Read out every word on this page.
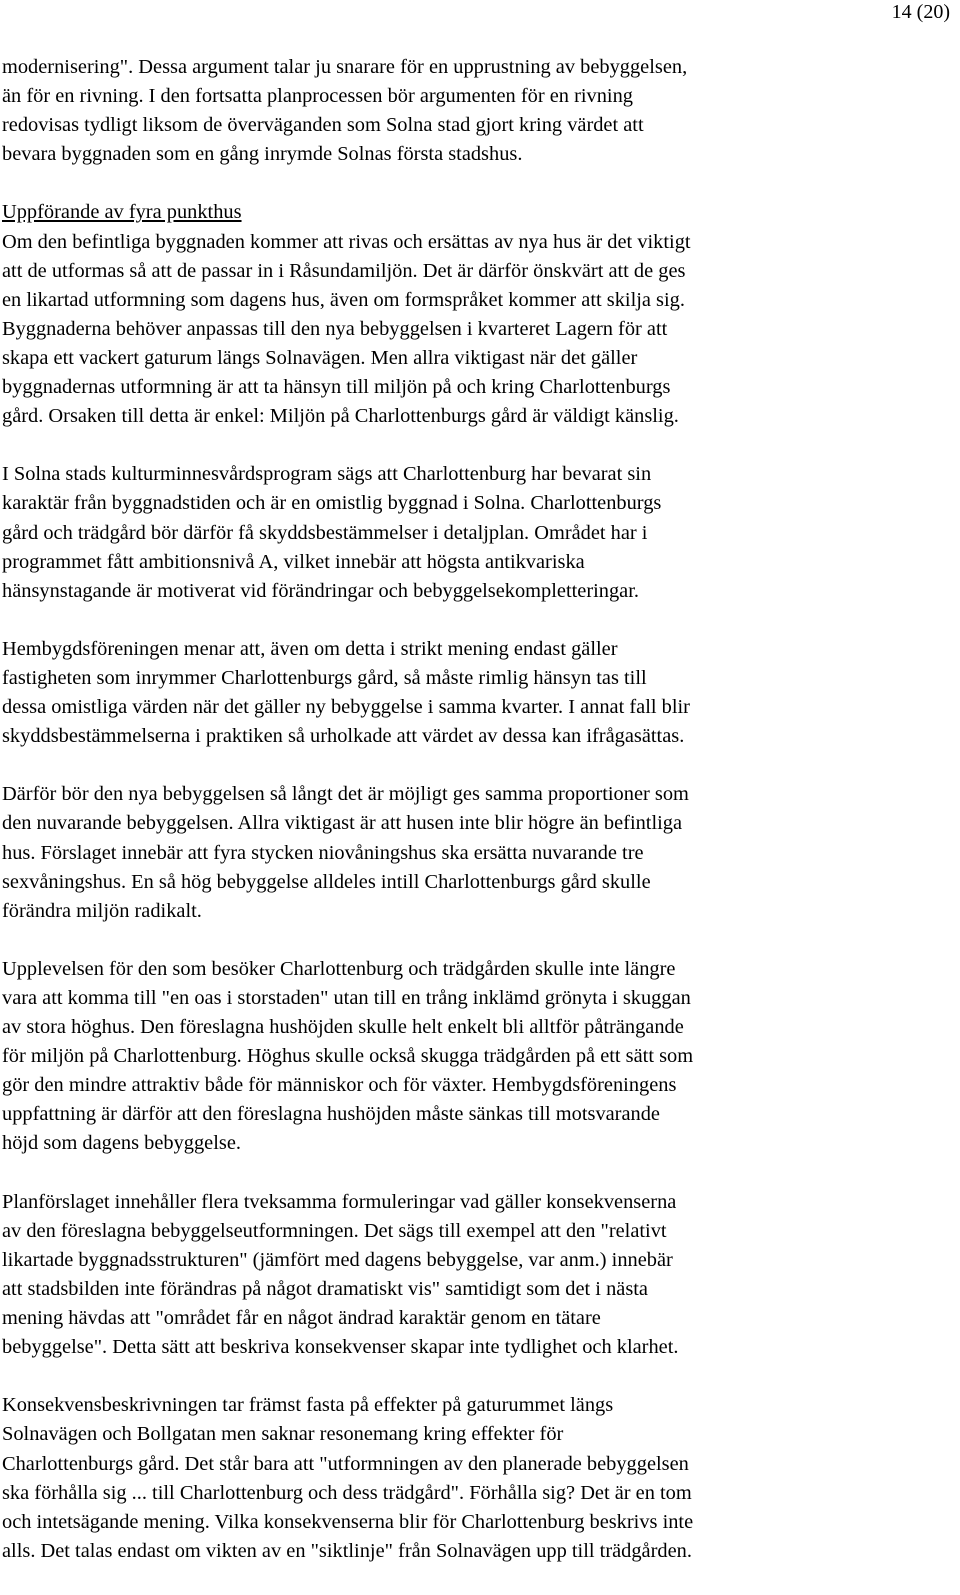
14 (20)
modernisering". Dessa argument talar ju snarare för en upprustning av bebyggelsen,
än för en rivning. I den fortsatta planprocessen bör argumenten för en rivning
redovisas tydligt liksom de överväganden som Solna stad gjort kring värdet att
bevara byggnaden som en gång inrymde Solnas första stadshus.
Uppförande av fyra punkthus
Om den befintliga byggnaden kommer att rivas och ersättas av nya hus är det viktigt
att de utformas så att de passar in i Råsundamiljön. Det är därför önskvärt att de ges
en likartad utformning som dagens hus, även om formspråket kommer att skilja sig.
Byggnaderna behöver anpassas till den nya bebyggelsen i kvarteret Lagern för att
skapa ett vackert gaturum längs Solnavägen. Men allra viktigast när det gäller
byggnadernas utformning är att ta hänsyn till miljön på och kring Charlottenburgs
gård. Orsaken till detta är enkel: Miljön på Charlottenburgs gård är väldigt känslig.
I Solna stads kulturminnesvårdsprogram sägs att Charlottenburg har bevarat sin
karaktär från byggnadstiden och är en omistlig byggnad i Solna. Charlottenburgs
gård och trädgård bör därför få skyddsbestämmelser i detaljplan. Området har i
programmet fått ambitionsnivå A, vilket innebär att högsta antikvariska
hänsynstagande är motiverat vid förändringar och bebyggelsekompletteringar.
Hembygdsföreningen menar att, även om detta i strikt mening endast gäller
fastigheten som inrymmer Charlottenburgs gård, så måste rimlig hänsyn tas till
dessa omistliga värden när det gäller ny bebyggelse i samma kvarter. I annat fall blir
skyddsbestämmelserna i praktiken så urholkade att värdet av dessa kan ifrågasättas.
Därför bör den nya bebyggelsen så långt det är möjligt ges samma proportioner som
den nuvarande bebyggelsen. Allra viktigast är att husen inte blir högre än befintliga
hus. Förslaget innebär att fyra stycken niovåningshus ska ersätta nuvarande tre
sexvåningshus. En så hög bebyggelse alldeles intill Charlottenburgs gård skulle
förändra miljön radikalt.
Upplevelsen för den som besöker Charlottenburg och trädgården skulle inte längre
vara att komma till "en oas i storstaden" utan till en trång inklämd grönyta i skuggan
av stora höghus. Den föreslagna hushöjden skulle helt enkelt bli alltför påträngande
för miljön på Charlottenburg. Höghus skulle också skugga trädgården på ett sätt som
gör den mindre attraktiv både för människor och för växter. Hembygdsföreningens
uppfattning är därför att den föreslagna hushöjden måste sänkas till motsvarande
höjd som dagens bebyggelse.
Planförslaget innehåller flera tveksamma formuleringar vad gäller konsekvenserna
av den föreslagna bebyggelseutformningen. Det sägs till exempel att den "relativt
likartade byggnadsstrukturen" (jämfört med dagens bebyggelse, var anm.) innebär
att stadsbilden inte förändras på något dramatiskt vis" samtidigt som det i nästa
mening hävdas att "området får en något ändrad karaktär genom en tätare
bebyggelse". Detta sätt att beskriva konsekvenser skapar inte tydlighet och klarhet.
Konsekvensbeskrivningen tar främst fasta på effekter på gaturummet längs
Solnavägen och Bollgatan men saknar resonemang kring effekter för
Charlottenburgs gård. Det står bara att "utformningen av den planerade bebyggelsen
ska förhålla sig ... till Charlottenburg och dess trädgård". Förhålla sig? Det är en tom
och intetsägande mening. Vilka konsekvenserna blir för Charlottenburg beskrivs inte
alls. Det talas endast om vikten av en "siktlinje" från Solnavägen upp till trädgården.
